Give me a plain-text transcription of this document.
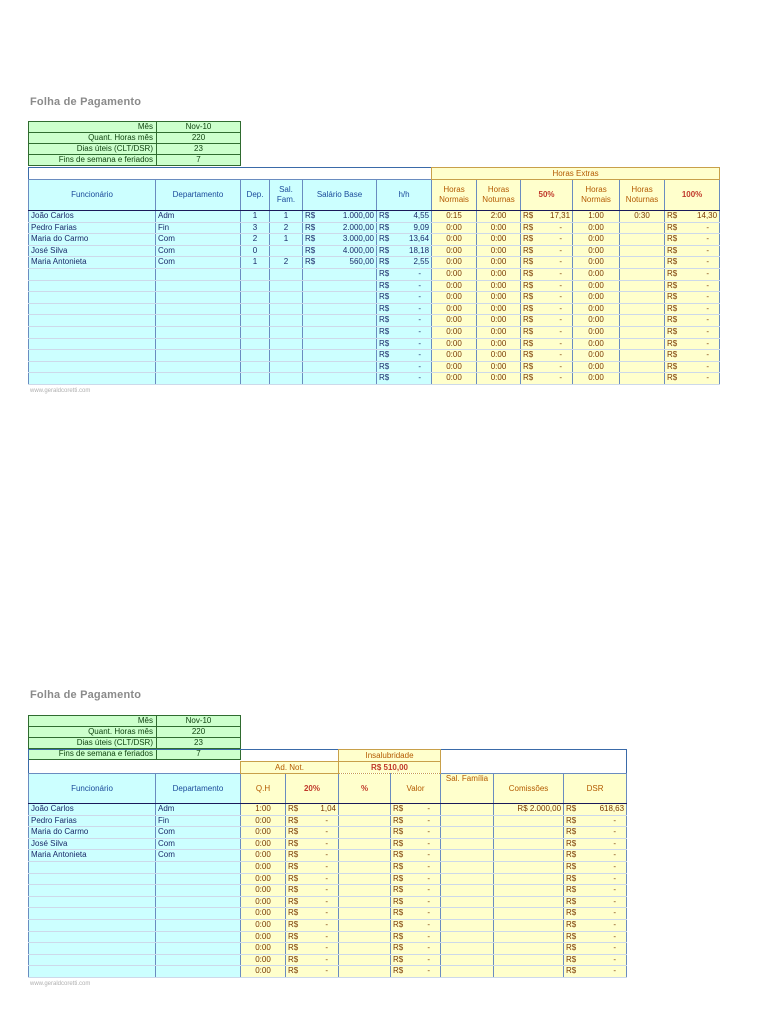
Folha de Pagamento
Mês	Nov-10
Quant. Horas mês	220
Dias úteis (CLT/DSR)	23
Fins de semana e feriados	7
						Horas Extras					
Funcionário	Departamento	Dep.	Sal. Fam.	Salário Base	h/h	Horas Normais	Horas Noturnas	50%	Horas Normais	Horas Noturnas	100%
João Carlos	Adm	1	1	R$ 1.000,00	R$ 4,55	0:15	2:00	R$ 17,31	1:00	0:30	R$ 14,30

Pedro Farias	Fin	3	2	R$ 2.000,00	R$ 9,09	0:00	0:00	R$ -	0:00		R$ -

Maria do Carmo	Com	2	1	R$ 3.000,00	R$ 13,64	0:00	0:00	R$ -	0:00		R$ -

José Silva	Com	0		R$ 4.000,00	R$ 18,18	0:00	0:00	R$ -	0:00		R$ -

Maria Antonieta	Com	1	2	R$ 560,00	R$ 2,55	0:00	0:00	R$ -	0:00		R$ -

					R$ -	0:00	0:00	R$ -	0:00		R$ -

					R$ -	0:00	0:00	R$ -	0:00		R$ -

					R$ -	0:00	0:00	R$ -	0:00		R$ -

					R$ -	0:00	0:00	R$ -	0:00		R$ -

					R$ -	0:00	0:00	R$ -	0:00		R$ -

					R$ -	0:00	0:00	R$ -	0:00		R$ -

					R$ -	0:00	0:00	R$ -	0:00		R$ -

					R$ -	0:00	0:00	R$ -	0:00		R$ -

					R$ -	0:00	0:00	R$ -	0:00		R$ -

					R$ -	0:00	0:00	R$ -	0:00		R$ -
www.geraldcoretti.com
Folha de Pagamento
Mês	Nov-10
Quant. Horas mês	220
Dias úteis (CLT/DSR)	23
Fins de semana e feriados	7
				Insalubridade				
		Ad. Not.		R$ 510,00				
Funcionário	Departamento	Q.H	20%	%	Valor	Sal. Família	Comissões	DSR
João Carlos	Adm	1:00	R$ 1,04		R$ -		R$ 2.000,00	R$ 618,63

Pedro Farias	Fin	0:00	R$ -		R$ -			R$ -

Maria do Carmo	Com	0:00	R$ -		R$ -			R$ -

José Silva	Com	0:00	R$ -		R$ -			R$ -

Maria Antonieta	Com	0:00	R$ -		R$ -			R$ -

		0:00	R$ -		R$ -			R$ -

		0:00	R$ -		R$ -			R$ -

		0:00	R$ -		R$ -			R$ -

		0:00	R$ -		R$ -			R$ -

		0:00	R$ -		R$ -			R$ -

		0:00	R$ -		R$ -			R$ -

		0:00	R$ -		R$ -			R$ -

		0:00	R$ -		R$ -			R$ -

		0:00	R$ -		R$ -			R$ -

		0:00	R$ -		R$ -			R$ -
www.geraldcoretti.com
